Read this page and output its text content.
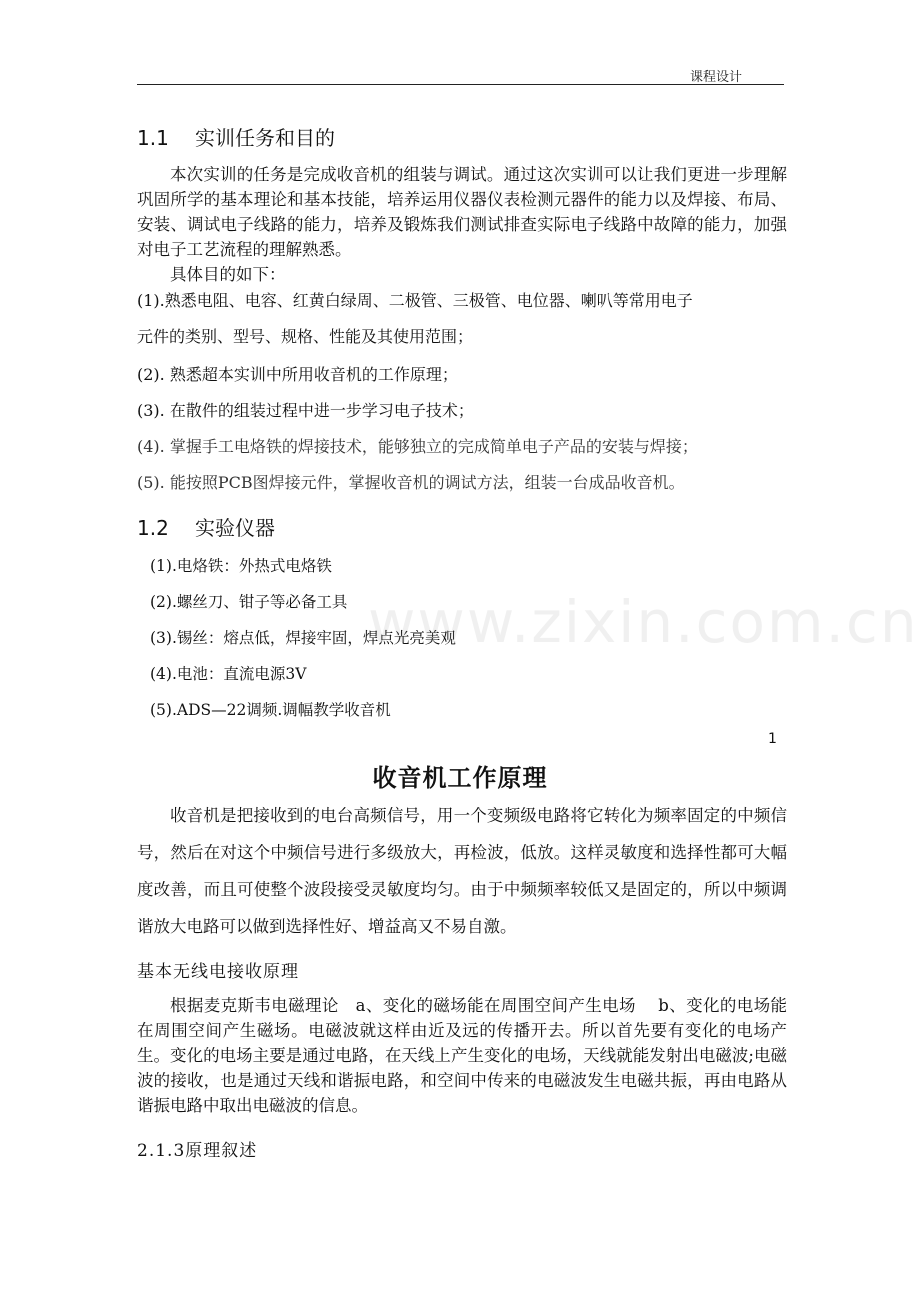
课程设计
1.1 实训任务和目的

本次实训的任务是完成收音机的组装与调试。通过这次实训可以让我们更进一步理解巩固所学的基本理论和基本技能，培养运用仪器仪表检测元器件的能力以及焊接、布局、安装、调试电子线路的能力，培养及锻炼我们测试排查实际电子线路中故障的能力，加强对电子工艺流程的理解熟悉。

具体目的如下：

(1).熟悉电阻、电容、红黄白绿周、二极管、三极管、电位器、喇叭等常用电子
元件的类别、型号、规格、性能及其使用范围；
(2). 熟悉超本实训中所用收音机的工作原理；
(3). 在散件的组装过程中进一步学习电子技术；
(4). 掌握手工电烙铁的焊接技术，能够独立的完成简单电子产品的安装与焊接；
(5). 能按照PCB图焊接元件，掌握收音机的调试方法，组装一台成品收音机。
1.2 实验仪器
(1).电烙铁：外热式电烙铁
(2).螺丝刀、钳子等必备工具
(3).锡丝：熔点低，焊接牢固，焊点光亮美观
(4).电池：直流电源3V
(5).ADS—22调频.调幅教学收音机
www.zixin.com.cn
1
收音机工作原理

收音机是把接收到的电台高频信号，用一个变频级电路将它转化为频率固定的中频信号，然后在对这个中频信号进行多级放大，再检波，低放。这样灵敏度和选择性都可大幅度改善，而且可使整个波段接受灵敏度均匀。由于中频频率较低又是固定的，所以中频调谐放大电路可以做到选择性好、增益高又不易自激。

基本无线电接收原理

根据麦克斯韦电磁理论　a、变化的磁场能在周围空间产生电场　 b、变化的电场能在周围空间产生磁场。电磁波就这样由近及远的传播开去。所以首先要有变化的电场产生。变化的电场主要是通过电路，在天线上产生变化的电场，天线就能发射出电磁波;电磁波的接收，也是通过天线和谐振电路，和空间中传来的电磁波发生电磁共振，再由电路从谐振电路中取出电磁波的信息。

2.1.3原理叙述
